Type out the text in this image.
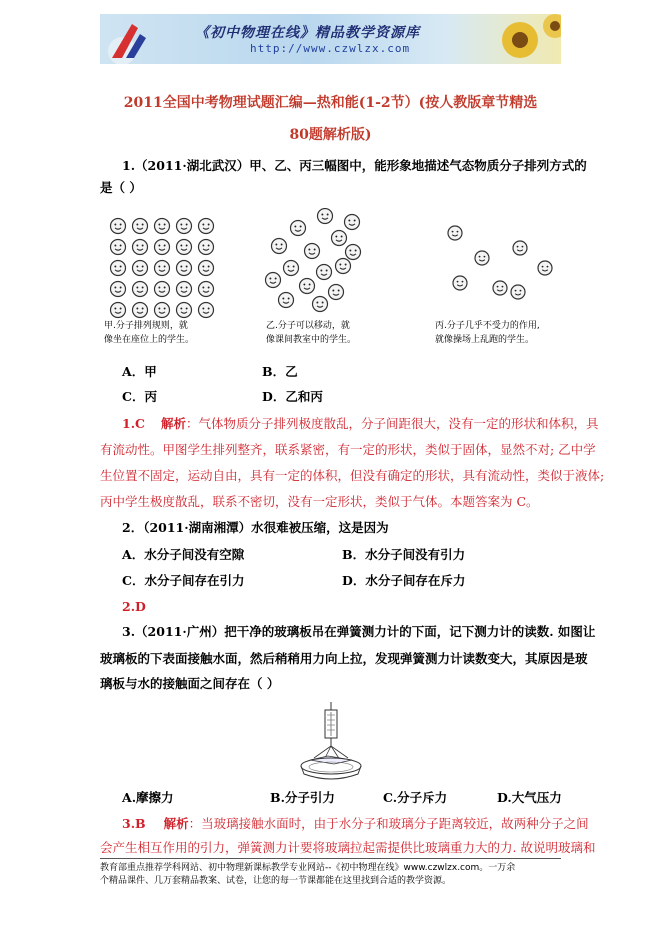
《初中物理在线》精品教学资源库
http://www.czwlzx.com
2011全国中考物理试题汇编—热和能(1-2节）(按人教版章节精选
80题解析版)
1.（2011·湖北武汉）甲、乙、丙三幅图中，能形象地描述气态物质分子排列方式的
是（ ）
甲.分子排列规则，就
像坐在座位上的学生。
乙.分子可以移动，就
像课间教室中的学生。
丙.分子几乎不受力的作用,
就像操场上乱跑的学生。
A．甲	B．乙
C．丙	D．乙和丙
1.C 解析：气体物质分子排列极度散乱，分子间距很大，没有一定的形状和体积，具
有流动性。甲图学生排列整齐，联系紧密，有一定的形状，类似于固体，显然不对; 乙中学
生位置不固定，运动自由，具有一定的体积，但没有确定的形状，具有流动性，类似于液体;
丙中学生极度散乱，联系不密切，没有一定形状，类似于气体。本题答案为 C。
2．（2011·湖南湘潭）水很难被压缩，这是因为
A．水分子间没有空隙	B．水分子间没有引力
C．水分子间存在引力	D．水分子间存在斥力
2.D
3.（2011·广州）把干净的玻璃板吊在弹簧测力计的下面，记下测力计的读数. 如图让
玻璃板的下表面接触水面，然后稍稍用力向上拉，发现弹簧测力计读数变大，其原因是玻
璃板与水的接触面之间存在（ ）
A.摩擦力	B.分子引力	C.分子斥力	D.大气压力
3.B 解析：当玻璃接触水面时，由于水分子和玻璃分子距离较近，故两种分子之间
会产生相互作用的引力，弹簧测力计要将玻璃拉起需提供比玻璃重力大的力. 故说明玻璃和
教育部重点推荐学科网站、初中物理新课标教学专业网站--《初中物理在线》www.czwlzx.com。一万余
个精品课件、几万套精品教案、试卷，让您的每一节课都能在这里找到合适的教学资源。
